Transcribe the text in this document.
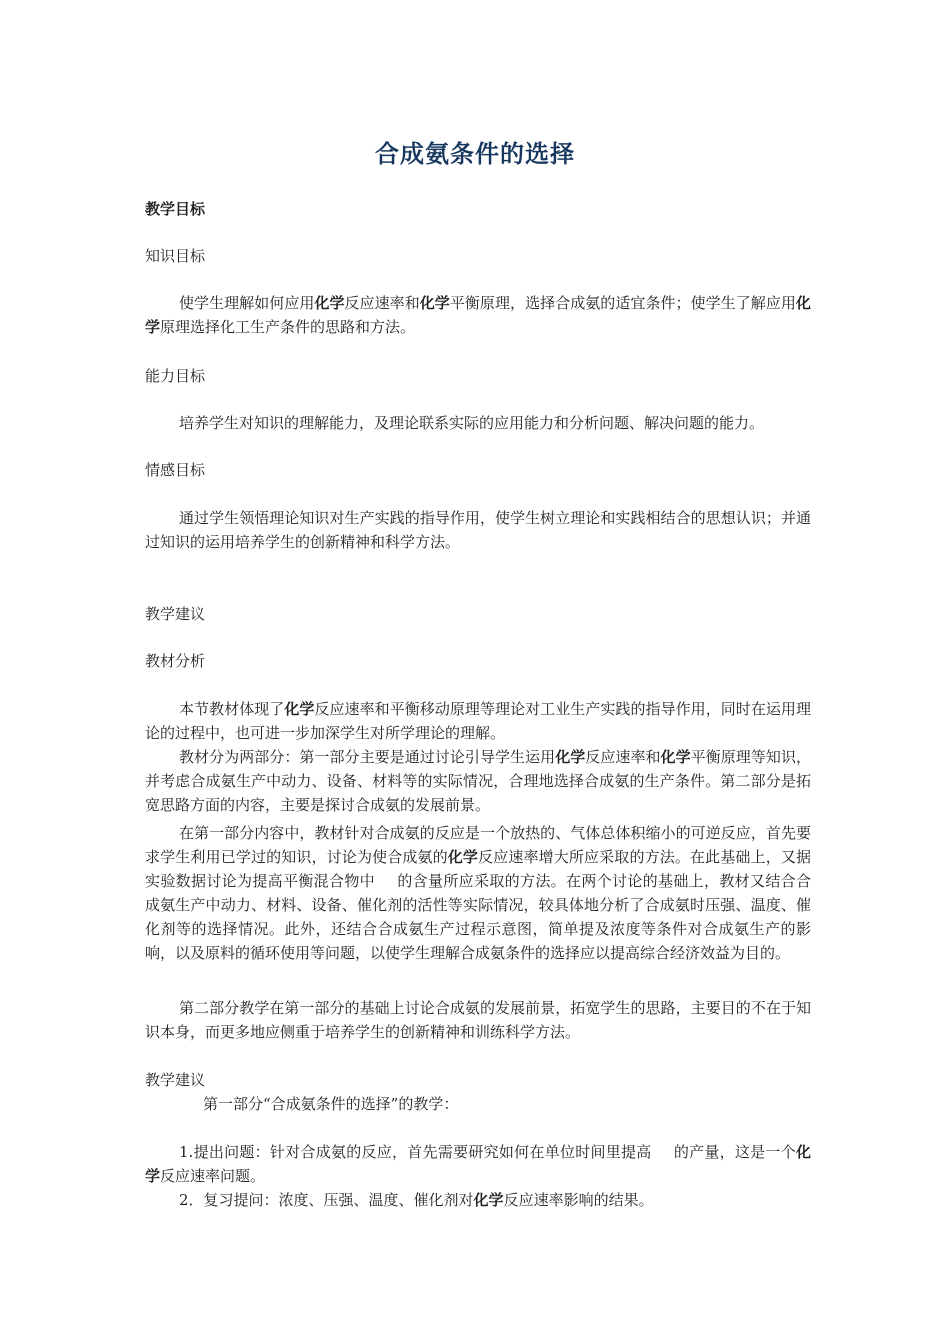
合成氨条件的选择
教学目标
知识目标
使学生理解如何应用化学反应速率和化学平衡原理，选择合成氨的适宜条件；使学生了解应用化学原理选择化工生产条件的思路和方法。
能力目标
培养学生对知识的理解能力，及理论联系实际的应用能力和分析问题、解决问题的能力。
情感目标
通过学生领悟理论知识对生产实践的指导作用，使学生树立理论和实践相结合的思想认识；并通过知识的运用培养学生的创新精神和科学方法。
教学建议
教材分析
本节教材体现了化学反应速率和平衡移动原理等理论对工业生产实践的指导作用，同时在运用理论的过程中，也可进一步加深学生对所学理论的理解。
教材分为两部分：第一部分主要是通过讨论引导学生运用化学反应速率和化学平衡原理等知识，并考虑合成氨生产中动力、设备、材料等的实际情况，合理地选择合成氨的生产条件。第二部分是拓宽思路方面的内容，主要是探讨合成氨的发展前景。
在第一部分内容中，教材针对合成氨的反应是一个放热的、气体总体积缩小的可逆反应，首先要求学生利用已学过的知识，讨论为使合成氨的化学反应速率增大所应采取的方法。在此基础上，又据实验数据讨论为提高平衡混合物中 的含量所应采取的方法。在两个讨论的基础上，教材又结合合成氨生产中动力、材料、设备、催化剂的活性等实际情况，较具体地分析了合成氨时压强、温度、催化剂等的选择情况。此外，还结合合成氨生产过程示意图，简单提及浓度等条件对合成氨生产的影响，以及原料的循环使用等问题，以使学生理解合成氨条件的选择应以提高综合经济效益为目的。
第二部分教学在第一部分的基础上讨论合成氨的发展前景，拓宽学生的思路，主要目的不在于知识本身，而更多地应侧重于培养学生的创新精神和训练科学方法。
教学建议
第一部分“合成氨条件的选择”的教学：
1.提出问题：针对合成氨的反应，首先需要研究如何在单位时间里提高 的产量，这是一个化学反应速率问题。
2．复习提问：浓度、压强、温度、催化剂对化学反应速率影响的结果。
